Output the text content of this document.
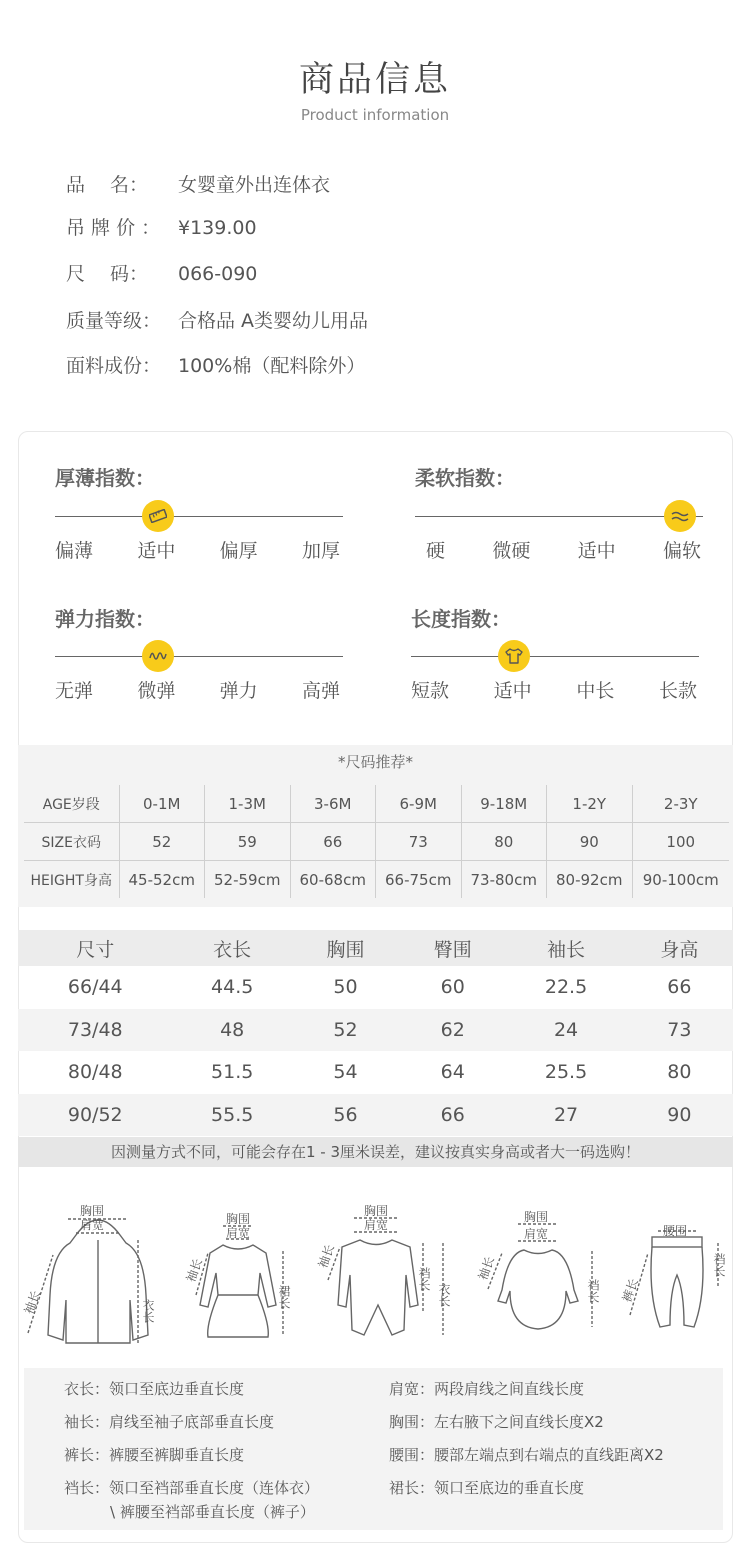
商品信息
Product information
品　 名： 女婴童外出连体衣
吊 牌 价 ： ¥139.00
尺　 码： 066-090
质量等级： 合格品 A类婴幼儿用品
面料成份： 100%棉（配料除外）
厚薄指数：
偏薄 适中 偏厚 加厚
柔软指数：
硬 微硬 适中 偏软
弹力指数：
无弹 微弹 弹力 高弹
长度指数：
短款 适中 中长 长款
*尺码推荐*
AGE岁段	0-1M	1-3M	3-6M	6-9M	9-18M	1-2Y	2-3Y
SIZE衣码	52	59	66	73	80	90	100
HEIGHT身高	45-52cm	52-59cm	60-68cm	66-75cm	73-80cm	80-92cm	90-100cm
尺寸	衣长	胸围	臀围	袖长	身高
66/44	44.5	50	60	22.5	66
73/48	48	52	62	24	73
80/48	51.5	54	64	25.5	80
90/52	55.5	56	66	27	90
因测量方式不同，可能会存在1 - 3厘米误差，建议按真实身高或者大一码选购！
胸围
肩宽
衣长
袖长
胸围
肩宽
裙长
袖长
胸围
肩宽
裆长
衣长
袖长
胸围
肩宽
裆长
袖长
腰围
裆长
裤长
衣长：领口至底边垂直长度	肩宽：两段肩线之间直线长度
袖长：肩线至袖子底部垂直长度	胸围：左右腋下之间直线长度X2
裤长：裤腰至裤脚垂直长度	腰围：腰部左端点到右端点的直线距离X2
裆长：领口至裆部垂直长度（连体衣）	裙长：领口至底边的垂直长度
\ 裤腰至裆部垂直长度（裤子）
